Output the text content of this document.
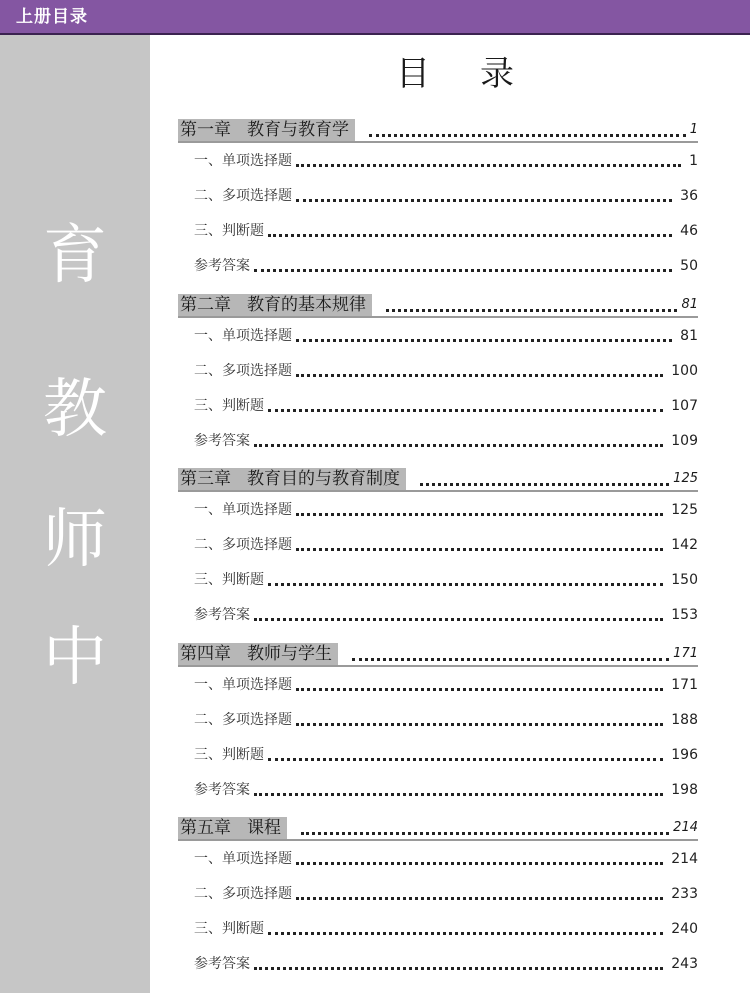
上册目录
育
教
师
中
目录
第一章 教育与教育学	1
一、单项选择题	1
二、多项选择题	36
三、判断题	46
参考答案	50
第二章 教育的基本规律	81
一、单项选择题	81
二、多项选择题	100
三、判断题	107
参考答案	109
第三章 教育目的与教育制度	125
一、单项选择题	125
二、多项选择题	142
三、判断题	150
参考答案	153
第四章 教师与学生	171
一、单项选择题	171
二、多项选择题	188
三、判断题	196
参考答案	198
第五章 课程	214
一、单项选择题	214
二、多项选择题	233
三、判断题	240
参考答案	243
